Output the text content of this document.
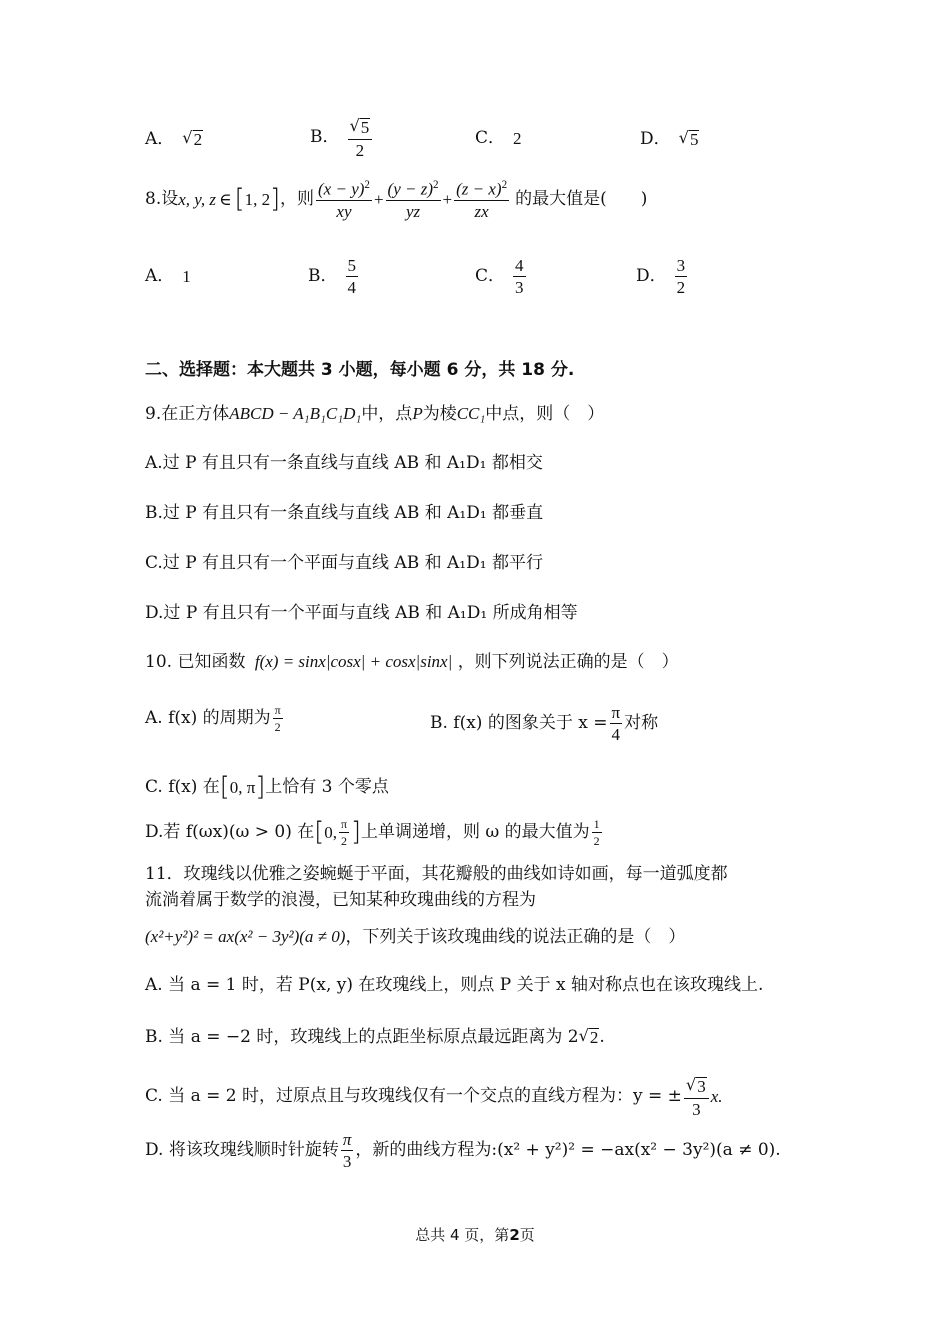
A． √ 2	B． $\frac{√ 5}{2}$	C． 2	D． √ 5
8.设 x, y, z ∈ [ 1, 2 ] ，则 $\frac{(x - y)^2}{xy} + \frac{(y - z)^2}{yz} + \frac{(z - x)^2}{zx}$ 的最大值是(　　)
A． 1	B． $\frac{5}{4}$	C． $\frac{4}{3}$	D． $\frac{3}{2}$
二、选择题：本大题共 3 小题，每小题 6 分，共 18 分.
9.在正方体ABCD − A₁B₁C₁D₁中，点P为棱CC₁中点，则（　）
A.过 P 有且只有一条直线与直线 AB 和 A₁D₁ 都相交
B.过 P 有且只有一条直线与直线 AB 和 A₁D₁ 都垂直
C.过 P 有且只有一个平面与直线 AB 和 A₁D₁ 都平行
D.过 P 有且只有一个平面与直线 AB 和 A₁D₁ 所成角相等
10. 已知函数 f(x) = sinx|cosx| + cosx|sinx| ，则下列说法正确的是（　）
A. f(x) 的周期为 $\frac{\pi}{2}$	B. f(x) 的图象关于 $x = \frac{\pi}{4}$ 对称
C. f(x) 在 [ 0, π ] 上恰有 3 个零点
D.若 f(ωx)(ω > 0) 在 [ 0, $\frac{\pi}{2}$ ] 上单调递增，则 ω 的最大值为 $\frac{1}{2}$
11．玫瑰线以优雅之姿蜿蜒于平面，其花瓣般的曲线如诗如画，每一道弧度都
流淌着属于数学的浪漫，已知某种玫瑰曲线的方程为
(x²+y²)² = ax(x² − 3y²)(a ≠ 0)，下列关于该玫瑰曲线的说法正确的是（　）
A. 当 a = 1 时，若 P(x, y) 在玫瑰线上，则点 P 关于 x 轴对称点也在该玫瑰线上.
B. 当 a = −2 时，玫瑰线上的点距坐标原点最远距离为 2 √ 2 .
C. 当 a = 2 时，过原点且与玫瑰线仅有一个交点的直线方程为：y = ± $\frac{√ 3}{3} x$.
D. 将该玫瑰线顺时针旋转 $\frac{\pi}{3}$ ，新的曲线方程为:(x² + y²)² = −ax(x² − 3y²)(a ≠ 0).
总共 4 页，第2页
